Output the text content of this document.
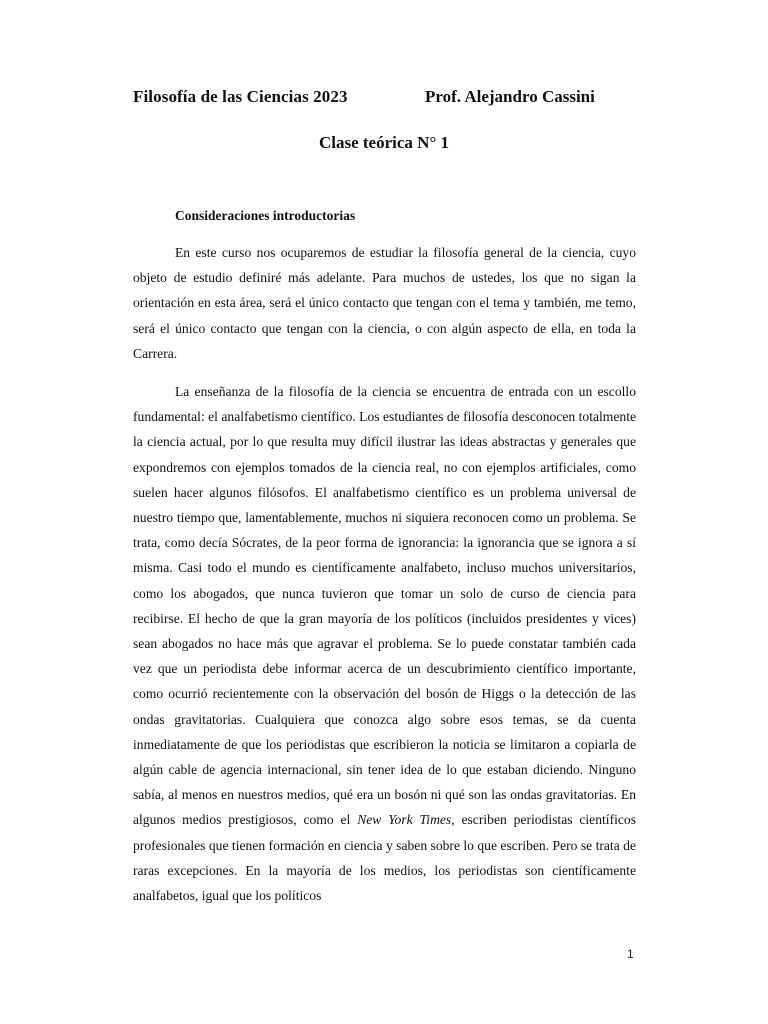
Filosofía de las Ciencias 2023	Prof. Alejandro Cassini
Clase teórica N° 1
Consideraciones introductorias

En este curso nos ocuparemos de estudiar la filosofía general de la ciencia, cuyo objeto de estudio definiré más adelante. Para muchos de ustedes, los que no sigan la orientación en esta área, será el único contacto que tengan con el tema y también, me temo, será el único contacto que tengan con la ciencia, o con algún aspecto de ella, en toda la Carrera.

La enseñanza de la filosofía de la ciencia se encuentra de entrada con un escollo fundamental: el analfabetismo científico. Los estudiantes de filosofía desconocen totalmente la ciencia actual, por lo que resulta muy difícil ilustrar las ideas abstractas y generales que expondremos con ejemplos tomados de la ciencia real, no con ejemplos artificiales, como suelen hacer algunos filósofos. El analfabetismo científico es un problema universal de nuestro tiempo que, lamentablemente, muchos ni siquiera reconocen como un problema. Se trata, como decía Sócrates, de la peor forma de ignorancia: la ignorancia que se ignora a sí misma. Casi todo el mundo es científicamente analfabeto, incluso muchos universitarios, como los abogados, que nunca tuvieron que tomar un solo de curso de ciencia para recibirse. El hecho de que la gran mayoría de los políticos (incluidos presidentes y vices) sean abogados no hace más que agravar el problema. Se lo puede constatar también cada vez que un periodista debe informar acerca de un descubrimiento científico importante, como ocurrió recientemente con la observación del bosón de Higgs o la detección de las ondas gravitatorias. Cualquiera que conozca algo sobre esos temas, se da cuenta inmediatamente de que los periodistas que escribieron la noticia se limitaron a copiarla de algún cable de agencia internacional, sin tener idea de lo que estaban diciendo. Ninguno sabía, al menos en nuestros medios, qué era un bosón ni qué son las ondas gravitatorias. En algunos medios prestigiosos, como el New York Times, escriben periodistas científicos profesionales que tienen formación en ciencia y saben sobre lo que escriben. Pero se trata de raras excepciones. En la mayoría de los medios, los periodistas son científicamente analfabetos, igual que los políticos

1
